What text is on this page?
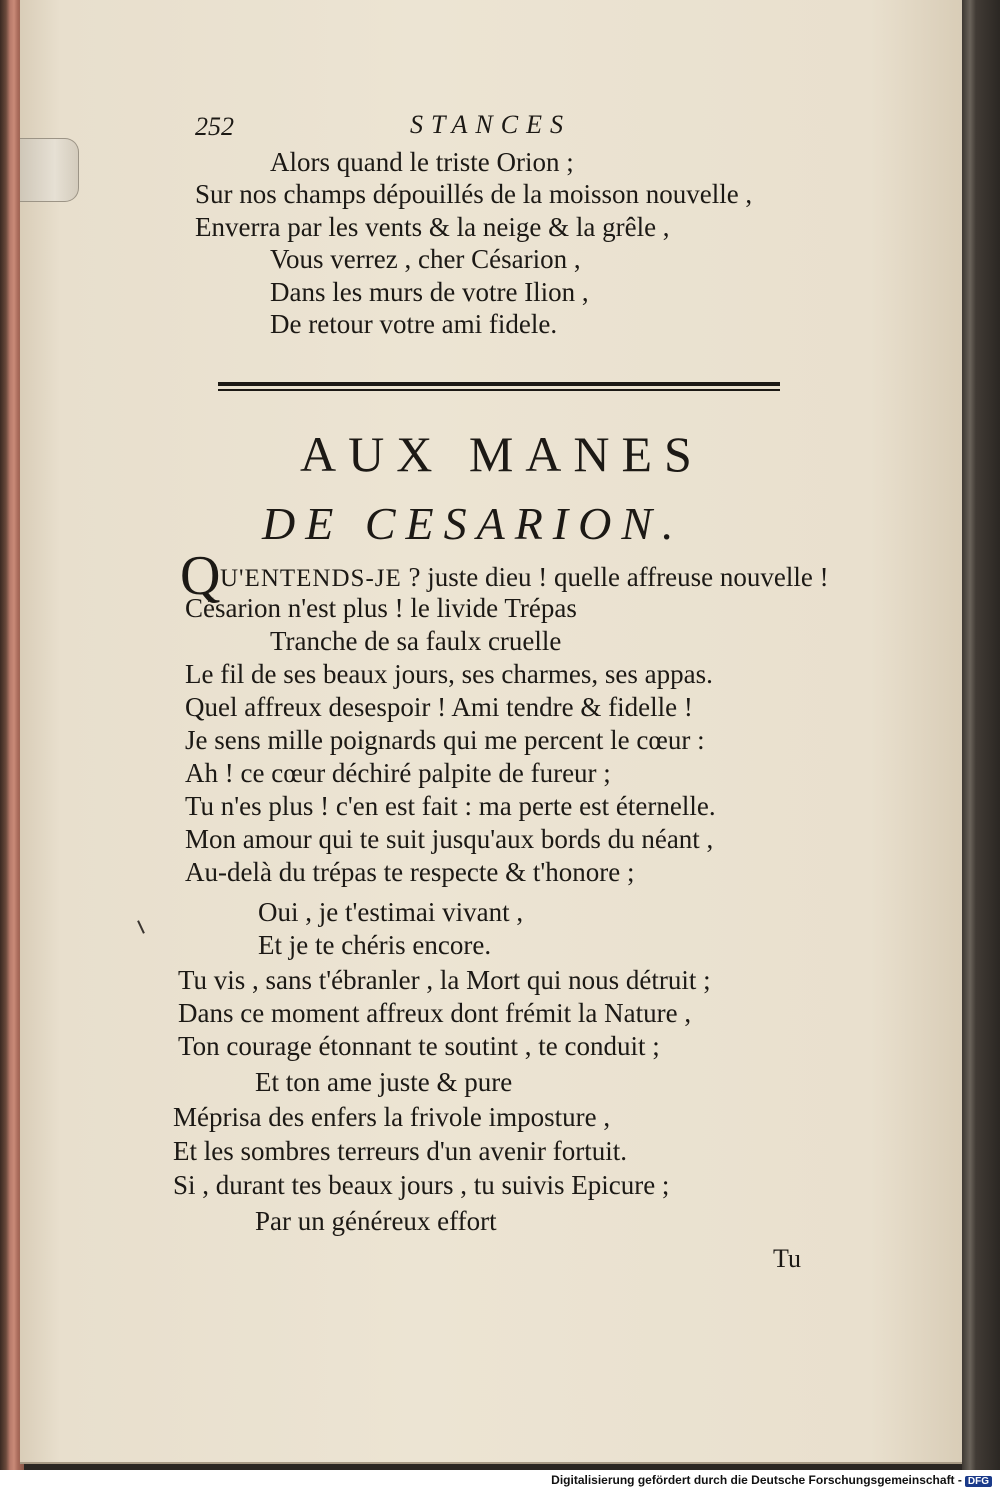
252	STANCES
Alors quand le triste Orion ;
Sur nos champs dépouillés de la moisson nouvelle ,
Enverra par les vents & la neige & la grêle ,
Vous verrez , cher Césarion ,
Dans les murs de votre Ilion ,
De retour votre ami fidele.
AUX MANES
DE CESARION.
Q U'ENTENDS-JE ? juste dieu ! quelle affreuse nouvelle !
Césarion n'est plus ! le livide Trépas
Tranche de sa faulx cruelle
Le fil de ses beaux jours, ses charmes, ses appas.
Quel affreux desespoir ! Ami tendre & fidelle !
Je sens mille poignards qui me percent le cœur :
Ah ! ce cœur déchiré palpite de fureur ;
Tu n'es plus ! c'en est fait : ma perte est éternelle.
Mon amour qui te suit jusqu'aux bords du néant ,
Au-delà du trépas te respecte & t'honore ;
Oui , je t'estimai vivant ,
Et je te chéris encore.
Tu vis , sans t'ébranler , la Mort qui nous détruit ;
Dans ce moment affreux dont frémit la Nature ,
Ton courage étonnant te soutint , te conduit ;
Et ton ame juste & pure
Méprisa des enfers la frivole imposture ,
Et les sombres terreurs d'un avenir fortuit.
Si , durant tes beaux jours , tu suivis Epicure ;
Par un généreux effort
Tu
Digitalisierung gefördert durch die Deutsche Forschungsgemeinschaft - DFG
